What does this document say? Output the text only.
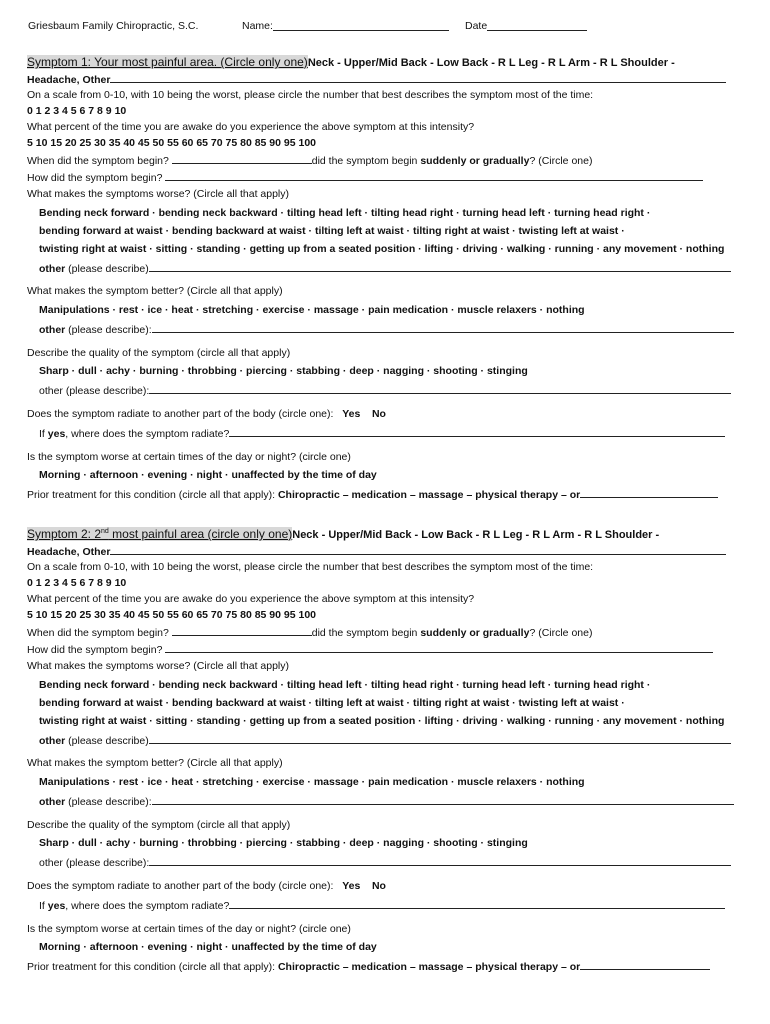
Griesbaum Family Chiropractic, S.C.	Name:	Date
Symptom 1: Your most painful area. (Circle only one)Neck - Upper/Mid Back - Low Back - R L Leg - R L Arm - R L Shoulder -
Headache, Other
On a scale from 0-10, with 10 being the worst, please circle the number that best describes the symptom most of the time:
0 1 2 3 4 5 6 7 8 9 10
What percent of the time you are awake do you experience the above symptom at this intensity?
5 10 15 20 25 30 35 40 45 50 55 60 65 70 75 80 85 90 95 100
When did the symptom begin?	did the symptom begin suddenly or gradually? (Circle one)
How did the symptom begin?
What makes the symptoms worse? (Circle all that apply)
Bending neck forward · bending neck backward · tilting head left · tilting head right · turning head left · turning head right ·
bending forward at waist · bending backward at waist · tilting left at waist · tilting right at waist · twisting left at waist ·
twisting right at waist · sitting · standing · getting up from a seated position · lifting · driving · walking · running · any movement · nothing
other (please describe)
What makes the symptom better? (Circle all that apply)
Manipulations · rest · ice · heat · stretching · exercise · massage · pain medication · muscle relaxers · nothing
other (please describe):
Describe the quality of the symptom (circle all that apply)
Sharp · dull · achy · burning · throbbing · piercing · stabbing · deep · nagging · shooting · stinging
other (please describe):
Does the symptom radiate to another part of the body (circle one): Yes No
If yes, where does the symptom radiate?
Is the symptom worse at certain times of the day or night? (circle one)
Morning · afternoon · evening · night · unaffected by the time of day
Prior treatment for this condition (circle all that apply): Chiropractic – medication – massage – physical therapy – or
Symptom 2: 2nd most painful area (circle only one)Neck - Upper/Mid Back - Low Back - R L Leg - R L Arm - R L Shoulder -
Headache, Other
On a scale from 0-10, with 10 being the worst, please circle the number that best describes the symptom most of the time:
0 1 2 3 4 5 6 7 8 9 10
What percent of the time you are awake do you experience the above symptom at this intensity?
5 10 15 20 25 30 35 40 45 50 55 60 65 70 75 80 85 90 95 100
When did the symptom begin?	did the symptom begin suddenly or gradually? (Circle one)
How did the symptom begin?
What makes the symptoms worse? (Circle all that apply)
Bending neck forward · bending neck backward · tilting head left · tilting head right · turning head left · turning head right ·
bending forward at waist · bending backward at waist · tilting left at waist · tilting right at waist · twisting left at waist ·
twisting right at waist · sitting · standing · getting up from a seated position · lifting · driving · walking · running · any movement · nothing
other (please describe)
What makes the symptom better? (Circle all that apply)
Manipulations · rest · ice · heat · stretching · exercise · massage · pain medication · muscle relaxers · nothing
other (please describe):
Describe the quality of the symptom (circle all that apply)
Sharp · dull · achy · burning · throbbing · piercing · stabbing · deep · nagging · shooting · stinging
other (please describe):
Does the symptom radiate to another part of the body (circle one): Yes No
If yes, where does the symptom radiate?
Is the symptom worse at certain times of the day or night? (circle one)
Morning · afternoon · evening · night · unaffected by the time of day
Prior treatment for this condition (circle all that apply): Chiropractic – medication – massage – physical therapy – or
